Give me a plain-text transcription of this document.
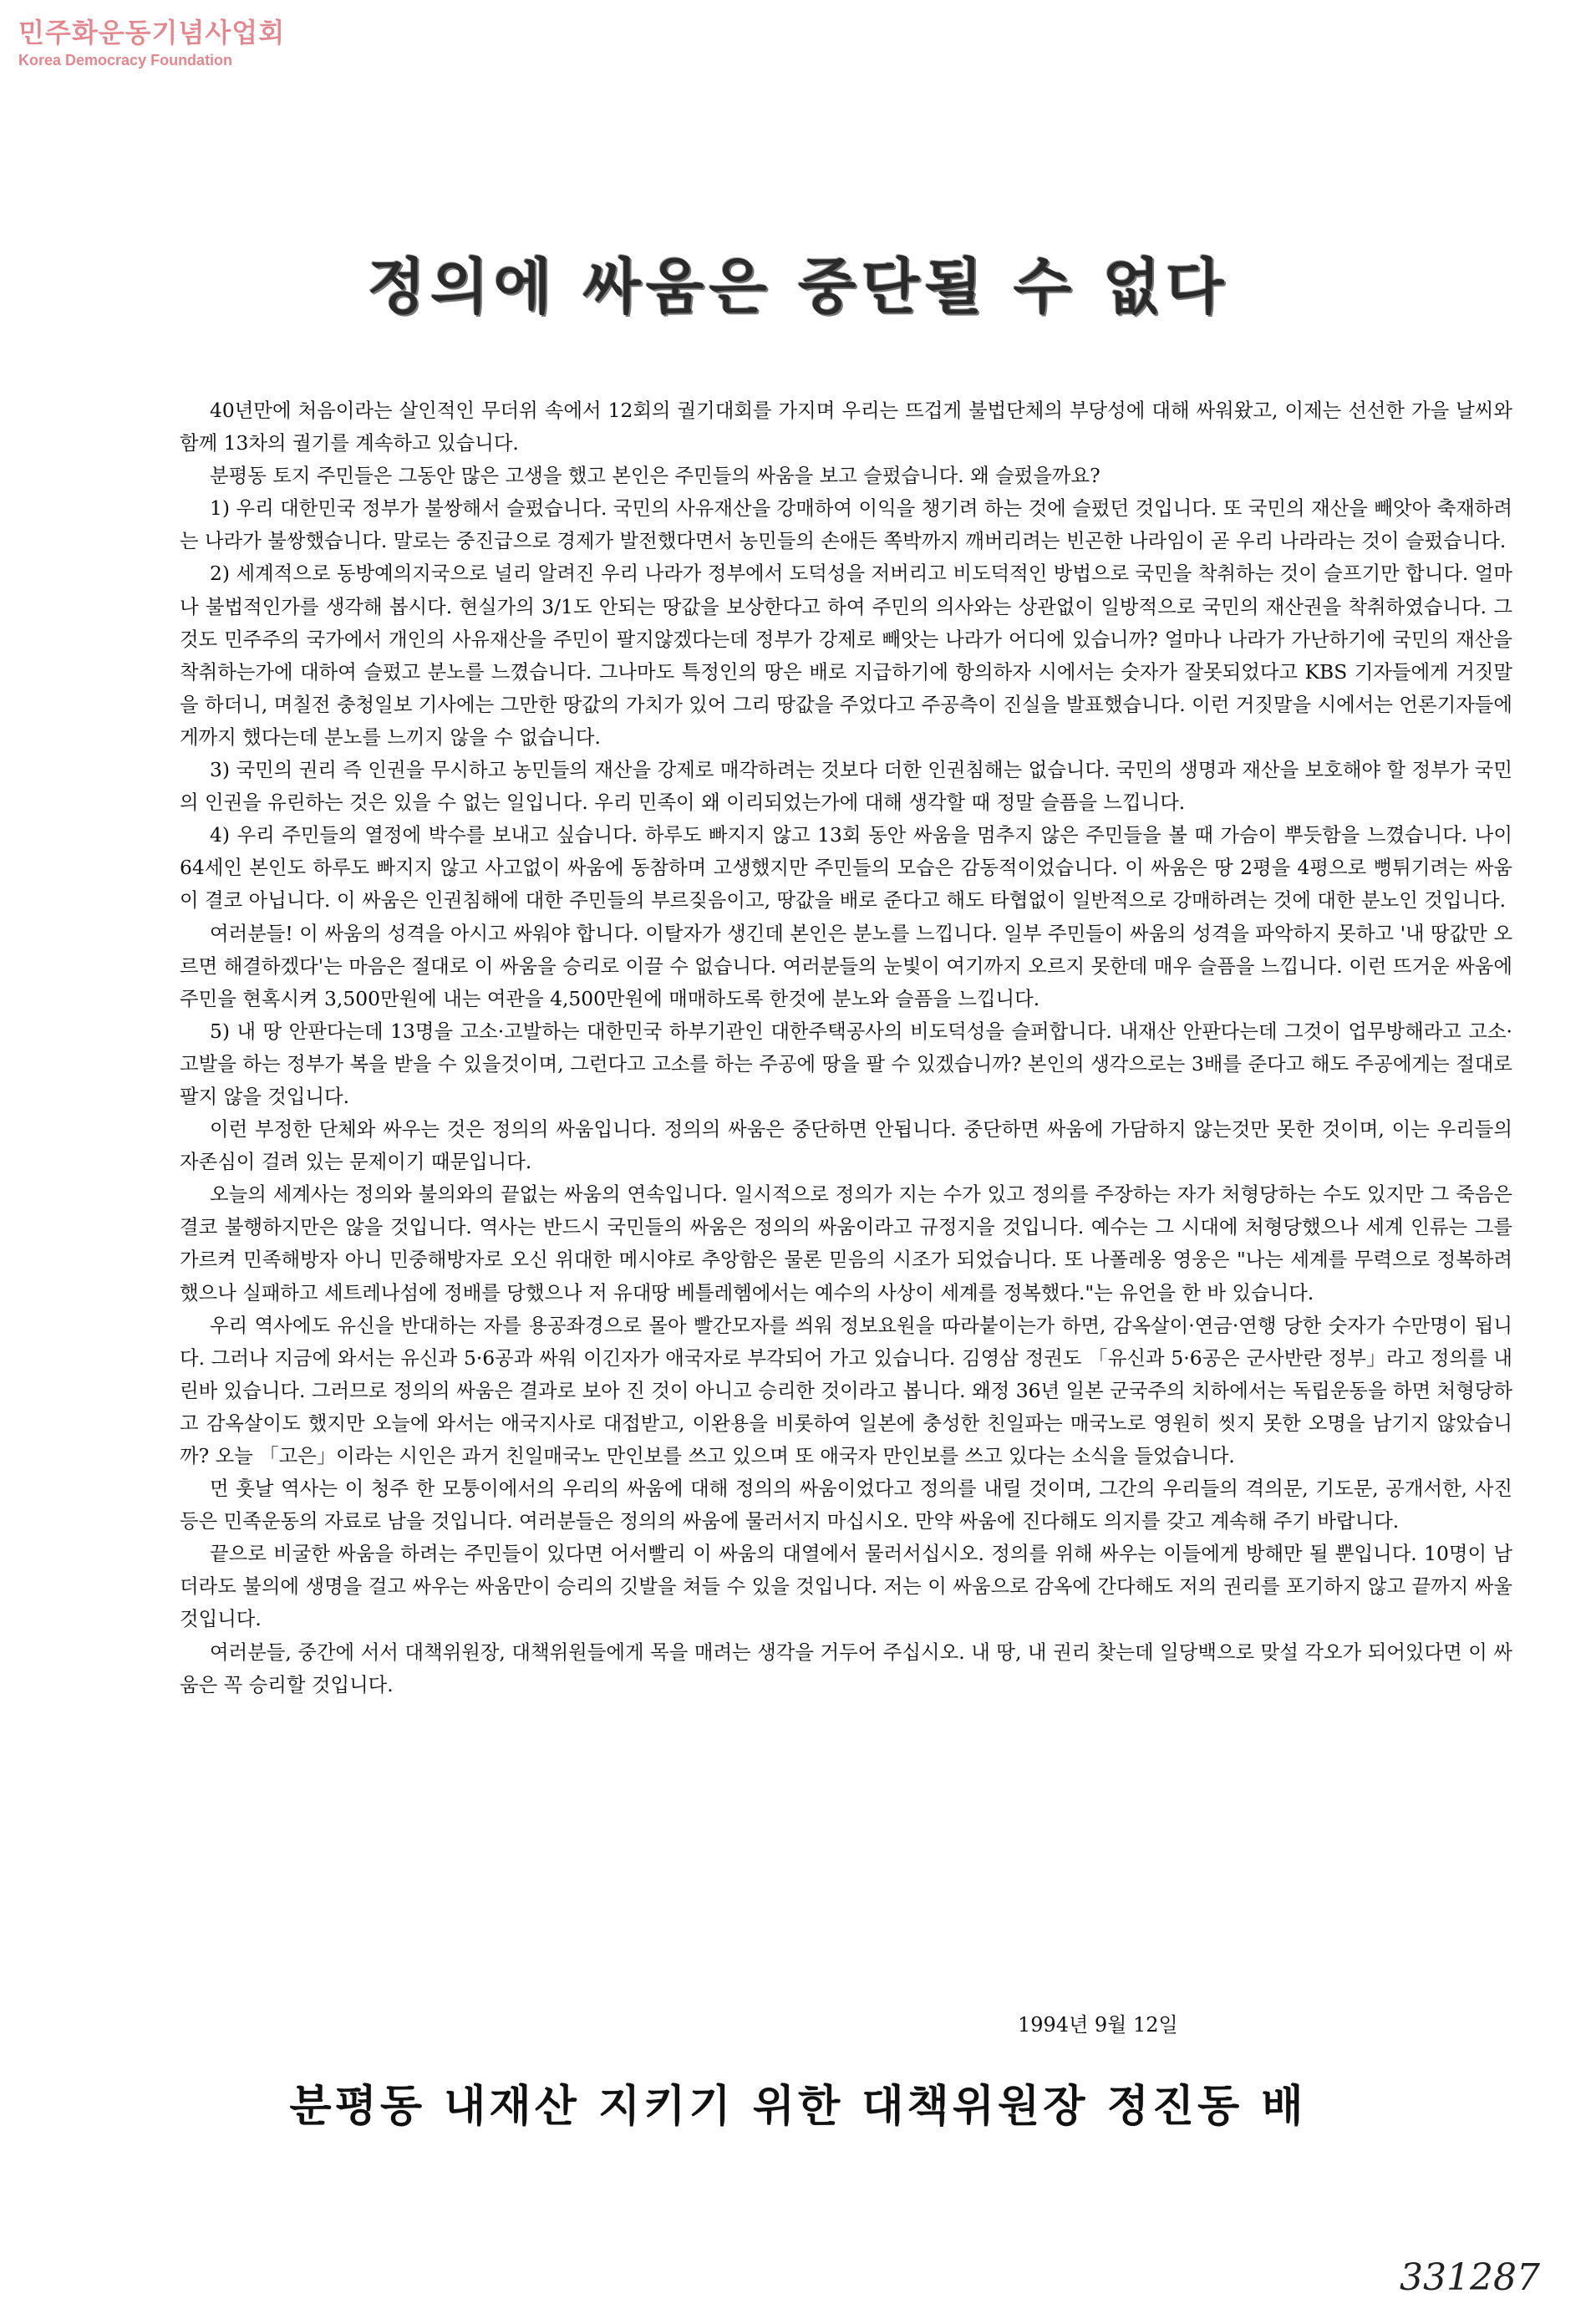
민주화운동기념사업회
Korea Democracy Foundation
정의에 싸움은 중단될 수 없다

40년만에 처음이라는 살인적인 무더위 속에서 12회의 궐기대회를 가지며 우리는 뜨겁게 불법단체의 부당성에 대해 싸워왔고, 이제는 선선한 가을 날씨와 함께 13차의 궐기를 계속하고 있습니다.

분평동 토지 주민들은 그동안 많은 고생을 했고 본인은 주민들의 싸움을 보고 슬펐습니다. 왜 슬펐을까요?

1) 우리 대한민국 정부가 불쌍해서 슬펐습니다. 국민의 사유재산을 강매하여 이익을 챙기려 하는 것에 슬펐던 것입니다. 또 국민의 재산을 빼앗아 축재하려는 나라가 불쌍했습니다. 말로는 중진급으로 경제가 발전했다면서 농민들의 손애든 쪽박까지 깨버리려는 빈곤한 나라임이 곧 우리 나라라는 것이 슬펐습니다.

2) 세계적으로 동방예의지국으로 널리 알려진 우리 나라가 정부에서 도덕성을 저버리고 비도덕적인 방법으로 국민을 착취하는 것이 슬프기만 합니다. 얼마나 불법적인가를 생각해 봅시다. 현실가의 3/1도 안되는 땅값을 보상한다고 하여 주민의 의사와는 상관없이 일방적으로 국민의 재산권을 착취하였습니다. 그것도 민주주의 국가에서 개인의 사유재산을 주민이 팔지않겠다는데 정부가 강제로 빼앗는 나라가 어디에 있습니까? 얼마나 나라가 가난하기에 국민의 재산을 착취하는가에 대하여 슬펐고 분노를 느꼈습니다. 그나마도 특정인의 땅은 배로 지급하기에 항의하자 시에서는 숫자가 잘못되었다고 KBS 기자들에게 거짓말을 하더니, 며칠전 충청일보 기사에는 그만한 땅값의 가치가 있어 그리 땅값을 주었다고 주공측이 진실을 발표했습니다. 이런 거짓말을 시에서는 언론기자들에게까지 했다는데 분노를 느끼지 않을 수 없습니다.

3) 국민의 권리 즉 인권을 무시하고 농민들의 재산을 강제로 매각하려는 것보다 더한 인권침해는 없습니다. 국민의 생명과 재산을 보호해야 할 정부가 국민의 인권을 유린하는 것은 있을 수 없는 일입니다. 우리 민족이 왜 이리되었는가에 대해 생각할 때 정말 슬픔을 느낍니다.

4) 우리 주민들의 열정에 박수를 보내고 싶습니다. 하루도 빠지지 않고 13회 동안 싸움을 멈추지 않은 주민들을 볼 때 가슴이 뿌듯함을 느꼈습니다. 나이 64세인 본인도 하루도 빠지지 않고 사고없이 싸움에 동참하며 고생했지만 주민들의 모습은 감동적이었습니다. 이 싸움은 땅 2평을 4평으로 뻥튀기려는 싸움이 결코 아닙니다. 이 싸움은 인권침해에 대한 주민들의 부르짖음이고, 땅값을 배로 준다고 해도 타협없이 일반적으로 강매하려는 것에 대한 분노인 것입니다.

여러분들! 이 싸움의 성격을 아시고 싸워야 합니다. 이탈자가 생긴데 본인은 분노를 느낍니다. 일부 주민들이 싸움의 성격을 파악하지 못하고 '내 땅값만 오르면 해결하겠다'는 마음은 절대로 이 싸움을 승리로 이끌 수 없습니다. 여러분들의 눈빛이 여기까지 오르지 못한데 매우 슬픔을 느낍니다. 이런 뜨거운 싸움에 주민을 현혹시켜 3,500만원에 내는 여관을 4,500만원에 매매하도록 한것에 분노와 슬픔을 느낍니다.

5) 내 땅 안판다는데 13명을 고소·고발하는 대한민국 하부기관인 대한주택공사의 비도덕성을 슬퍼합니다. 내재산 안판다는데 그것이 업무방해라고 고소·고발을 하는 정부가 복을 받을 수 있을것이며, 그런다고 고소를 하는 주공에 땅을 팔 수 있겠습니까? 본인의 생각으로는 3배를 준다고 해도 주공에게는 절대로 팔지 않을 것입니다.

이런 부정한 단체와 싸우는 것은 정의의 싸움입니다. 정의의 싸움은 중단하면 안됩니다. 중단하면 싸움에 가담하지 않는것만 못한 것이며, 이는 우리들의 자존심이 걸려 있는 문제이기 때문입니다.

오늘의 세계사는 정의와 불의와의 끝없는 싸움의 연속입니다. 일시적으로 정의가 지는 수가 있고 정의를 주장하는 자가 처형당하는 수도 있지만 그 죽음은 결코 불행하지만은 않을 것입니다. 역사는 반드시 국민들의 싸움은 정의의 싸움이라고 규정지을 것입니다. 예수는 그 시대에 처형당했으나 세계 인류는 그를 가르켜 민족해방자 아니 민중해방자로 오신 위대한 메시야로 추앙함은 물론 믿음의 시조가 되었습니다. 또 나폴레옹 영웅은 "나는 세계를 무력으로 정복하려 했으나 실패하고 세트레나섬에 정배를 당했으나 저 유대땅 베틀레헴에서는 예수의 사상이 세계를 정복했다."는 유언을 한 바 있습니다.

우리 역사에도 유신을 반대하는 자를 용공좌경으로 몰아 빨간모자를 씌워 정보요원을 따라붙이는가 하면, 감옥살이·연금·연행 당한 숫자가 수만명이 됩니다. 그러나 지금에 와서는 유신과 5·6공과 싸워 이긴자가 애국자로 부각되어 가고 있습니다. 김영삼 정권도 「유신과 5·6공은 군사반란 정부」라고 정의를 내린바 있습니다. 그러므로 정의의 싸움은 결과로 보아 진 것이 아니고 승리한 것이라고 봅니다. 왜정 36년 일본 군국주의 치하에서는 독립운동을 하면 처형당하고 감옥살이도 했지만 오늘에 와서는 애국지사로 대접받고, 이완용을 비롯하여 일본에 충성한 친일파는 매국노로 영원히 씻지 못한 오명을 남기지 않았습니까? 오늘 「고은」이라는 시인은 과거 친일매국노 만인보를 쓰고 있으며 또 애국자 만인보를 쓰고 있다는 소식을 들었습니다.

먼 훗날 역사는 이 청주 한 모퉁이에서의 우리의 싸움에 대해 정의의 싸움이었다고 정의를 내릴 것이며, 그간의 우리들의 격의문, 기도문, 공개서한, 사진 등은 민족운동의 자료로 남을 것입니다. 여러분들은 정의의 싸움에 물러서지 마십시오. 만약 싸움에 진다해도 의지를 갖고 계속해 주기 바랍니다.

끝으로 비굴한 싸움을 하려는 주민들이 있다면 어서빨리 이 싸움의 대열에서 물러서십시오. 정의를 위해 싸우는 이들에게 방해만 될 뿐입니다. 10명이 남더라도 불의에 생명을 걸고 싸우는 싸움만이 승리의 깃발을 쳐들 수 있을 것입니다. 저는 이 싸움으로 감옥에 간다해도 저의 권리를 포기하지 않고 끝까지 싸울 것입니다.

여러분들, 중간에 서서 대책위원장, 대책위원들에게 목을 매려는 생각을 거두어 주십시오. 내 땅, 내 권리 찾는데 일당백으로 맞설 각오가 되어있다면 이 싸움은 꼭 승리할 것입니다.

1994년 9월 12일
분평동 내재산 지키기 위한 대책위원장 정진동 배
331287
